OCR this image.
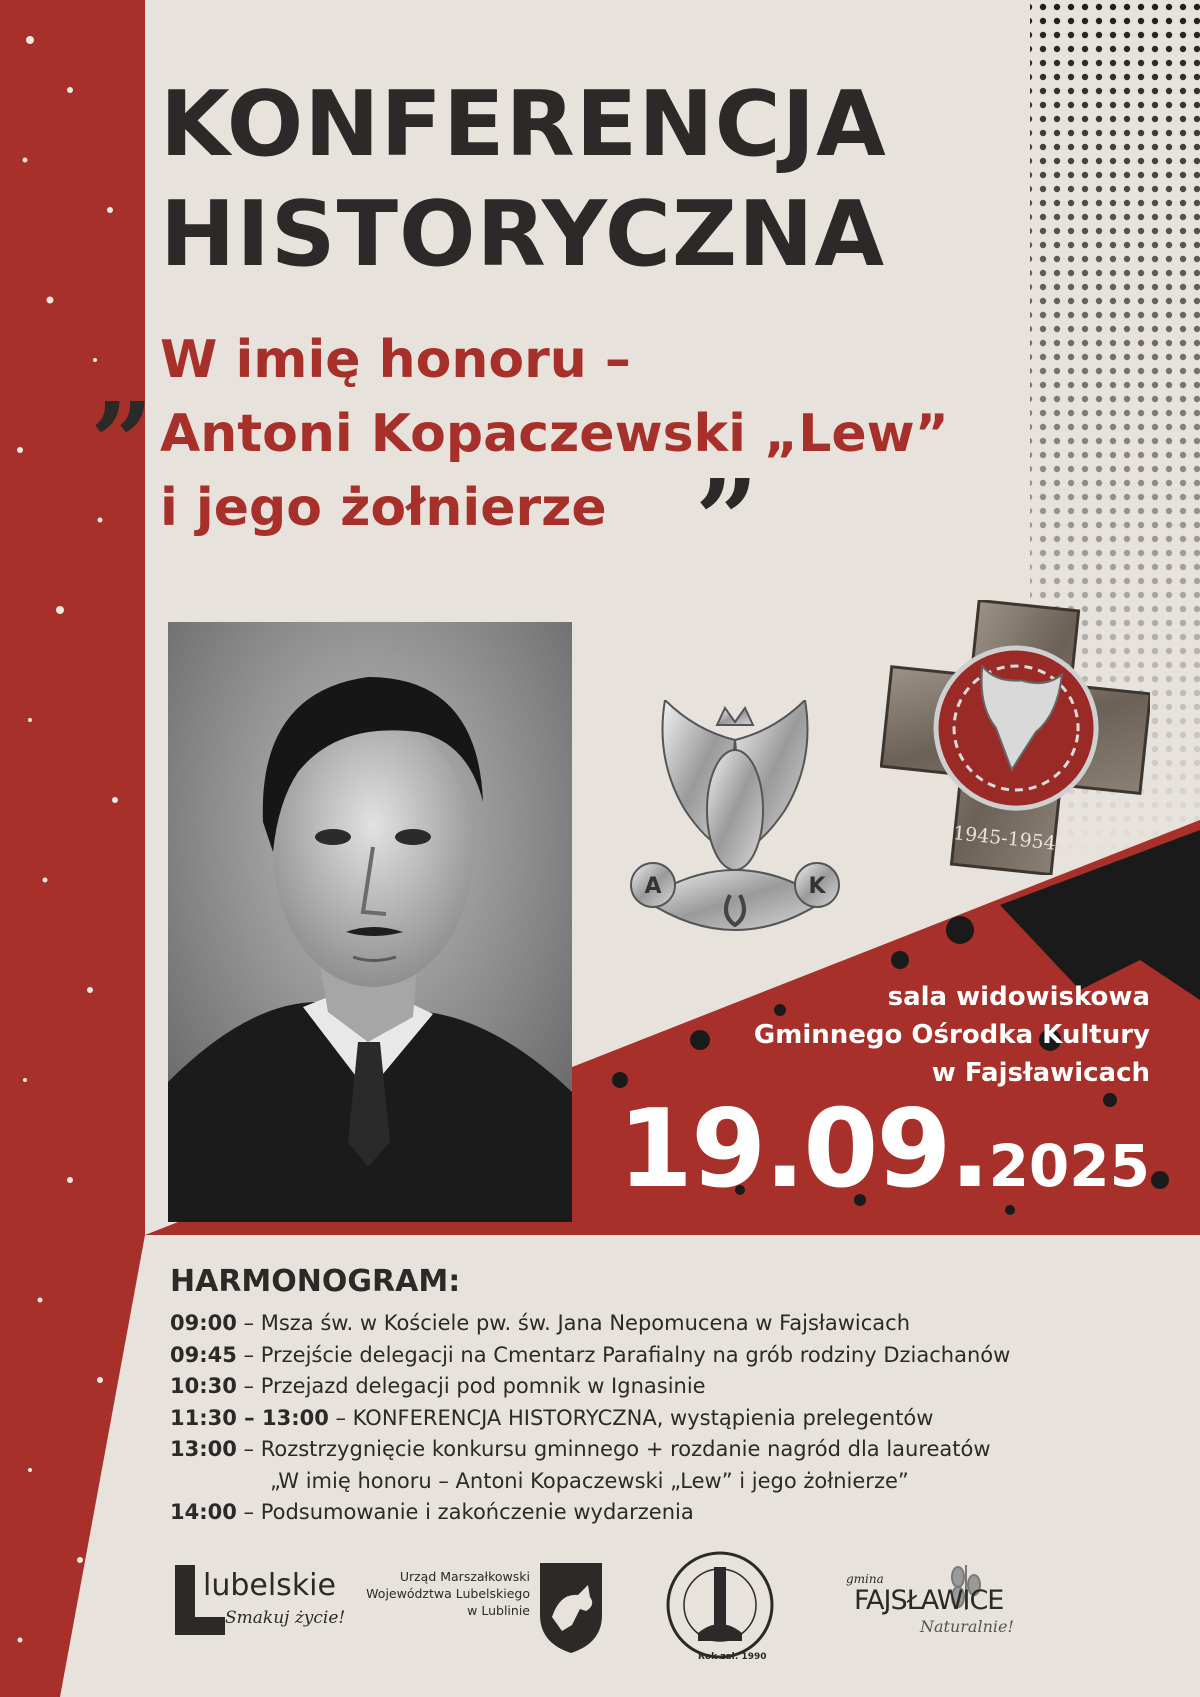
KONFERENCJA
HISTORYCZNA
„ W imię honoru –
Antoni Kopaczewski „Lew”
i jego żołnierze ”
A	K
1945-1954
sala widowiskowa
Gminnego Ośrodka Kultury
w Fajsławicach
19.09.2025
HARMONOGRAM:
09:00 – Msza św. w Kościele pw. św. Jana Nepomucena w Fajsławicach
09:45 – Przejście delegacji na Cmentarz Parafialny na grób rodziny Dziachanów
10:30 – Przejazd delegacji pod pomnik w Ignasinie
11:30 – 13:00 – KONFERENCJA HISTORYCZNA, wystąpienia prelegentów
13:00 – Rozstrzygnięcie konkursu gminnego + rozdanie nagród dla laureatów
„W imię honoru – Antoni Kopaczewski „Lew” i jego żołnierze”
14:00 – Podsumowanie i zakończenie wydarzenia
lubelskie
Smakuj życie!
Urząd Marszałkowski
Województwa Lubelskiego
w Lublinie
Rok zał. 1990
gmina
FAJSŁAWICE
Naturalnie!
